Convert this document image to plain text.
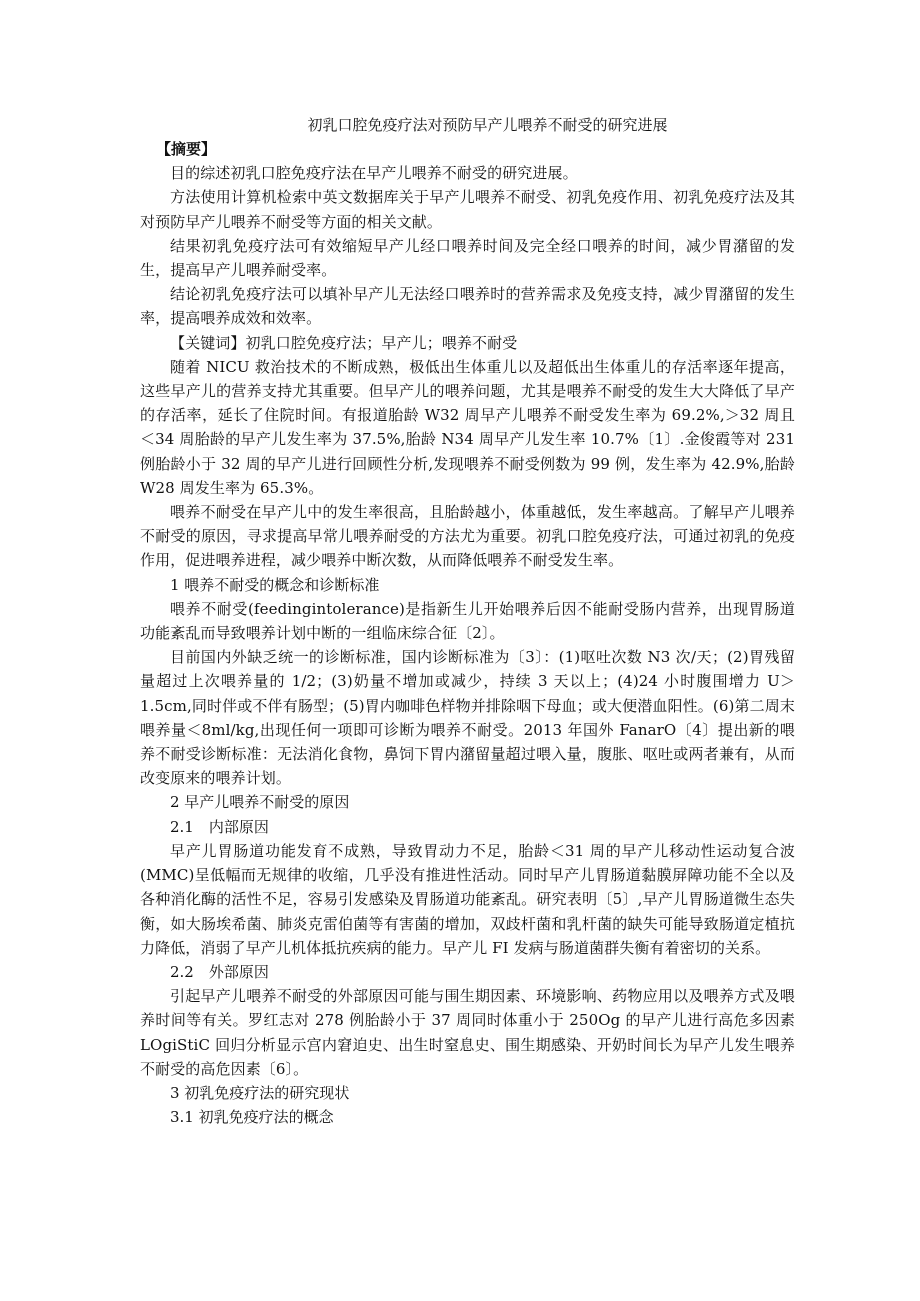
初乳口腔免疫疗法对预防早产儿喂养不耐受的研究进展
【摘要】

目的综述初乳口腔免疫疗法在早产儿喂养不耐受的研究进展。

方法使用计算机检索中英文数据库关于早产儿喂养不耐受、初乳免疫作用、初乳免疫疗法及其对预防早产儿喂养不耐受等方面的相关文献。

结果初乳免疫疗法可有效缩短早产儿经口喂养时间及完全经口喂养的时间，减少胃潴留的发生，提高早产儿喂养耐受率。

结论初乳免疫疗法可以填补早产儿无法经口喂养时的营养需求及免疫支持，减少胃潴留的发生率，提高喂养成效和效率。

【关键词】初乳口腔免疫疗法；早产儿；喂养不耐受

随着 NICU 救治技术的不断成熟，极低出生体重儿以及超低出生体重儿的存活率逐年提高，这些早产儿的营养支持尤其重要。但早产儿的喂养问题，尤其是喂养不耐受的发生大大降低了早产的存活率，延长了住院时间。有报道胎龄 W32 周早产儿喂养不耐受发生率为 69.2%,＞32 周且＜34 周胎龄的早产儿发生率为 37.5%,胎龄 N34 周早产儿发生率 10.7%〔1〕.金俊霞等对 231 例胎龄小于 32 周的早产儿进行回顾性分析,发现喂养不耐受例数为 99 例，发生率为 42.9%,胎龄 W28 周发生率为 65.3%。

喂养不耐受在早产儿中的发生率很高，且胎龄越小，体重越低，发生率越高。了解早产儿喂养不耐受的原因，寻求提高早常儿喂养耐受的方法尤为重要。初乳口腔免疫疗法，可通过初乳的免疫作用，促进喂养进程，减少喂养中断次数，从而降低喂养不耐受发生率。

1 喂养不耐受的概念和诊断标准

喂养不耐受(feedingintolerance)是指新生儿开始喂养后因不能耐受肠内营养，出现胃肠道功能紊乱而导致喂养计划中断的一组临床综合征〔2〕。

目前国内外缺乏统一的诊断标准，国内诊断标准为〔3〕：(1)呕吐次数 N3 次/天；(2)胃残留量超过上次喂养量的 1/2；(3)奶量不增加或减少，持续 3 天以上；(4)24 小时腹围增力 U＞1.5cm,同时伴或不伴有肠型；(5)胃内咖啡色样物并排除咽下母血；或大便潜血阳性。(6)第二周末喂养量＜8ml/kg,出现任何一项即可诊断为喂养不耐受。2013 年国外 FanarO〔4〕提出新的喂养不耐受诊断标准：无法消化食物，鼻饲下胃内潴留量超过喂入量，腹胀、呕吐或两者兼有，从而改变原来的喂养计划。

2 早产儿喂养不耐受的原因

2.1　内部原因

早产儿胃肠道功能发育不成熟，导致胃动力不足，胎龄＜31 周的早产儿移动性运动复合波(MMC)呈低幅而无规律的收缩，几乎没有推进性活动。同时早产儿胃肠道黏膜屏障功能不全以及各种消化酶的活性不足，容易引发感染及胃肠道功能紊乱。研究表明〔5〕,早产儿胃肠道微生态失衡，如大肠埃希菌、肺炎克雷伯菌等有害菌的增加，双歧杆菌和乳杆菌的缺失可能导致肠道定植抗力降低，消弱了早产儿机体抵抗疾病的能力。早产儿 FI 发病与肠道菌群失衡有着密切的关系。

2.2　外部原因

引起早产儿喂养不耐受的外部原因可能与围生期因素、环境影响、药物应用以及喂养方式及喂养时间等有关。罗红志对 278 例胎龄小于 37 周同时体重小于 250Og 的早产儿进行高危多因素 LOgiStiC 回归分析显示宫内窘迫史、出生时窒息史、围生期感染、开奶时间长为早产儿发生喂养不耐受的高危因素〔6〕。

3 初乳免疫疗法的研究现状

3.1 初乳免疫疗法的概念
